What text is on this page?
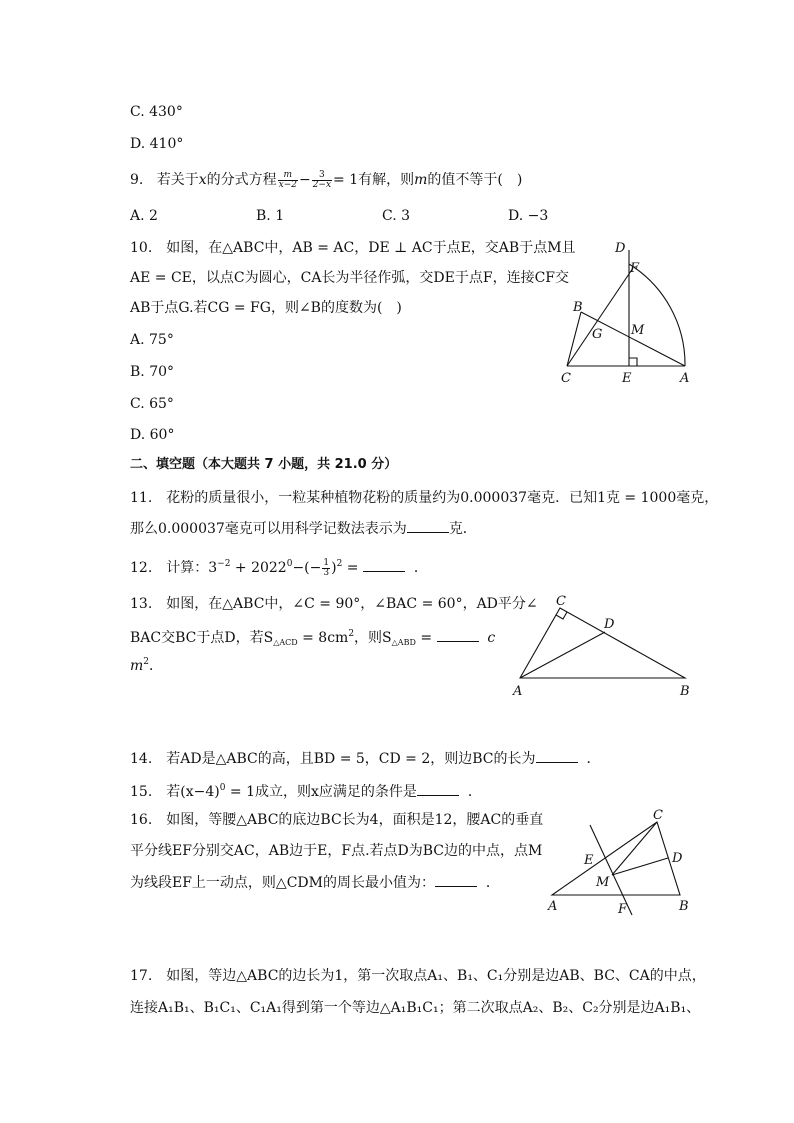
C. 430°
D. 410°
9. 若关于x的分式方程 $\frac{m}{x-2} - \frac{3}{2-x} = 1$有解，则m的值不等于(　)
A. 2	B. 1	C. 3	D. −3
10.　如图，在△ABC中，AB = AC，DE ⊥ AC于点E，交AB于点M且
AE = CE，以点C为圆心，CA长为半径作弧，交DE于点F，连接CF交
AB于点G.若CG = FG，则∠B的度数为(　)
A. 75°
B. 70°
C. 65°
D. 60°
D
F
B
G M
C	E	A
二、填空题（本大题共 7 小题，共 21.0 分）
11.　花粉的质量很小，一粒某种植物花粉的质量约为0.000037毫克．已知1克 = 1000毫克，
那么0.000037毫克可以用科学记数法表示为	克．
12.　计算：$3^{-2} + 2022^0-(- \frac{1}{3} )^2$ =	．
13.　如图，在△ABC中，∠C = 90°，∠BAC = 60°，AD平分∠
BAC交BC于点D，若$S_{\triangle ACD} = 8cm^2$，则$S_{\triangle ABD}$ =	c
$m^2$．
C
D
A	B
14.　若AD是△ABC的高，且BD = 5，CD = 2，则边BC的长为	．
15.　若$(x-4)^0 = 1$成立，则x应满足的条件是	．
16.　如图，等腰△ABC的底边BC长为4，面积是12，腰AC的垂直
平分线EF分别交AC，AB边于E，F点.若点D为BC边的中点，点M
为线段EF上一动点，则△CDM的周长最小值为：	．
C
E	D
M
A	F	B
17.　如图，等边△ABC的边长为1，第一次取点A₁、B₁、C₁分别是边AB、BC、CA的中点，
连接A₁B₁、B₁C₁、C₁A₁得到第一个等边△A₁B₁C₁；第二次取点A₂、B₂、C₂分别是边A₁B₁、
